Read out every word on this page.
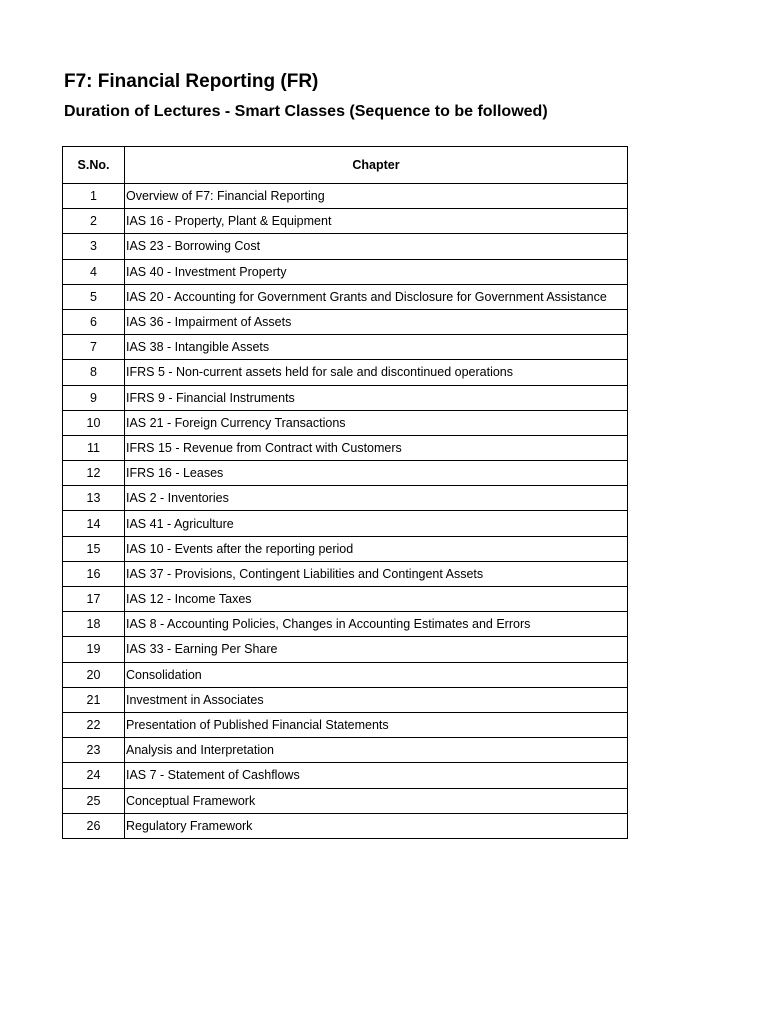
F7: Financial Reporting (FR)
Duration of Lectures - Smart Classes (Sequence to be followed)
S.No.	Chapter
1	Overview of F7: Financial Reporting
2	IAS 16 - Property, Plant & Equipment
3	IAS 23 - Borrowing Cost
4	IAS 40 - Investment Property
5	IAS 20 - Accounting for Government Grants and Disclosure for Government Assistance
6	IAS 36 - Impairment of Assets
7	IAS 38 - Intangible Assets
8	IFRS 5 - Non-current assets held for sale and discontinued operations
9	IFRS 9 - Financial Instruments
10	IAS 21 - Foreign Currency Transactions
11	IFRS 15 - Revenue from Contract with Customers
12	IFRS 16 - Leases
13	IAS 2 - Inventories
14	IAS 41 - Agriculture
15	IAS 10 - Events after the reporting period
16	IAS 37 - Provisions, Contingent Liabilities and Contingent Assets
17	IAS 12 - Income Taxes
18	IAS 8 - Accounting Policies, Changes in Accounting Estimates and Errors
19	IAS 33 - Earning Per Share
20	Consolidation
21	Investment in Associates
22	Presentation of Published Financial Statements
23	Analysis and Interpretation
24	IAS 7 - Statement of Cashflows
25	Conceptual Framework
26	Regulatory Framework
